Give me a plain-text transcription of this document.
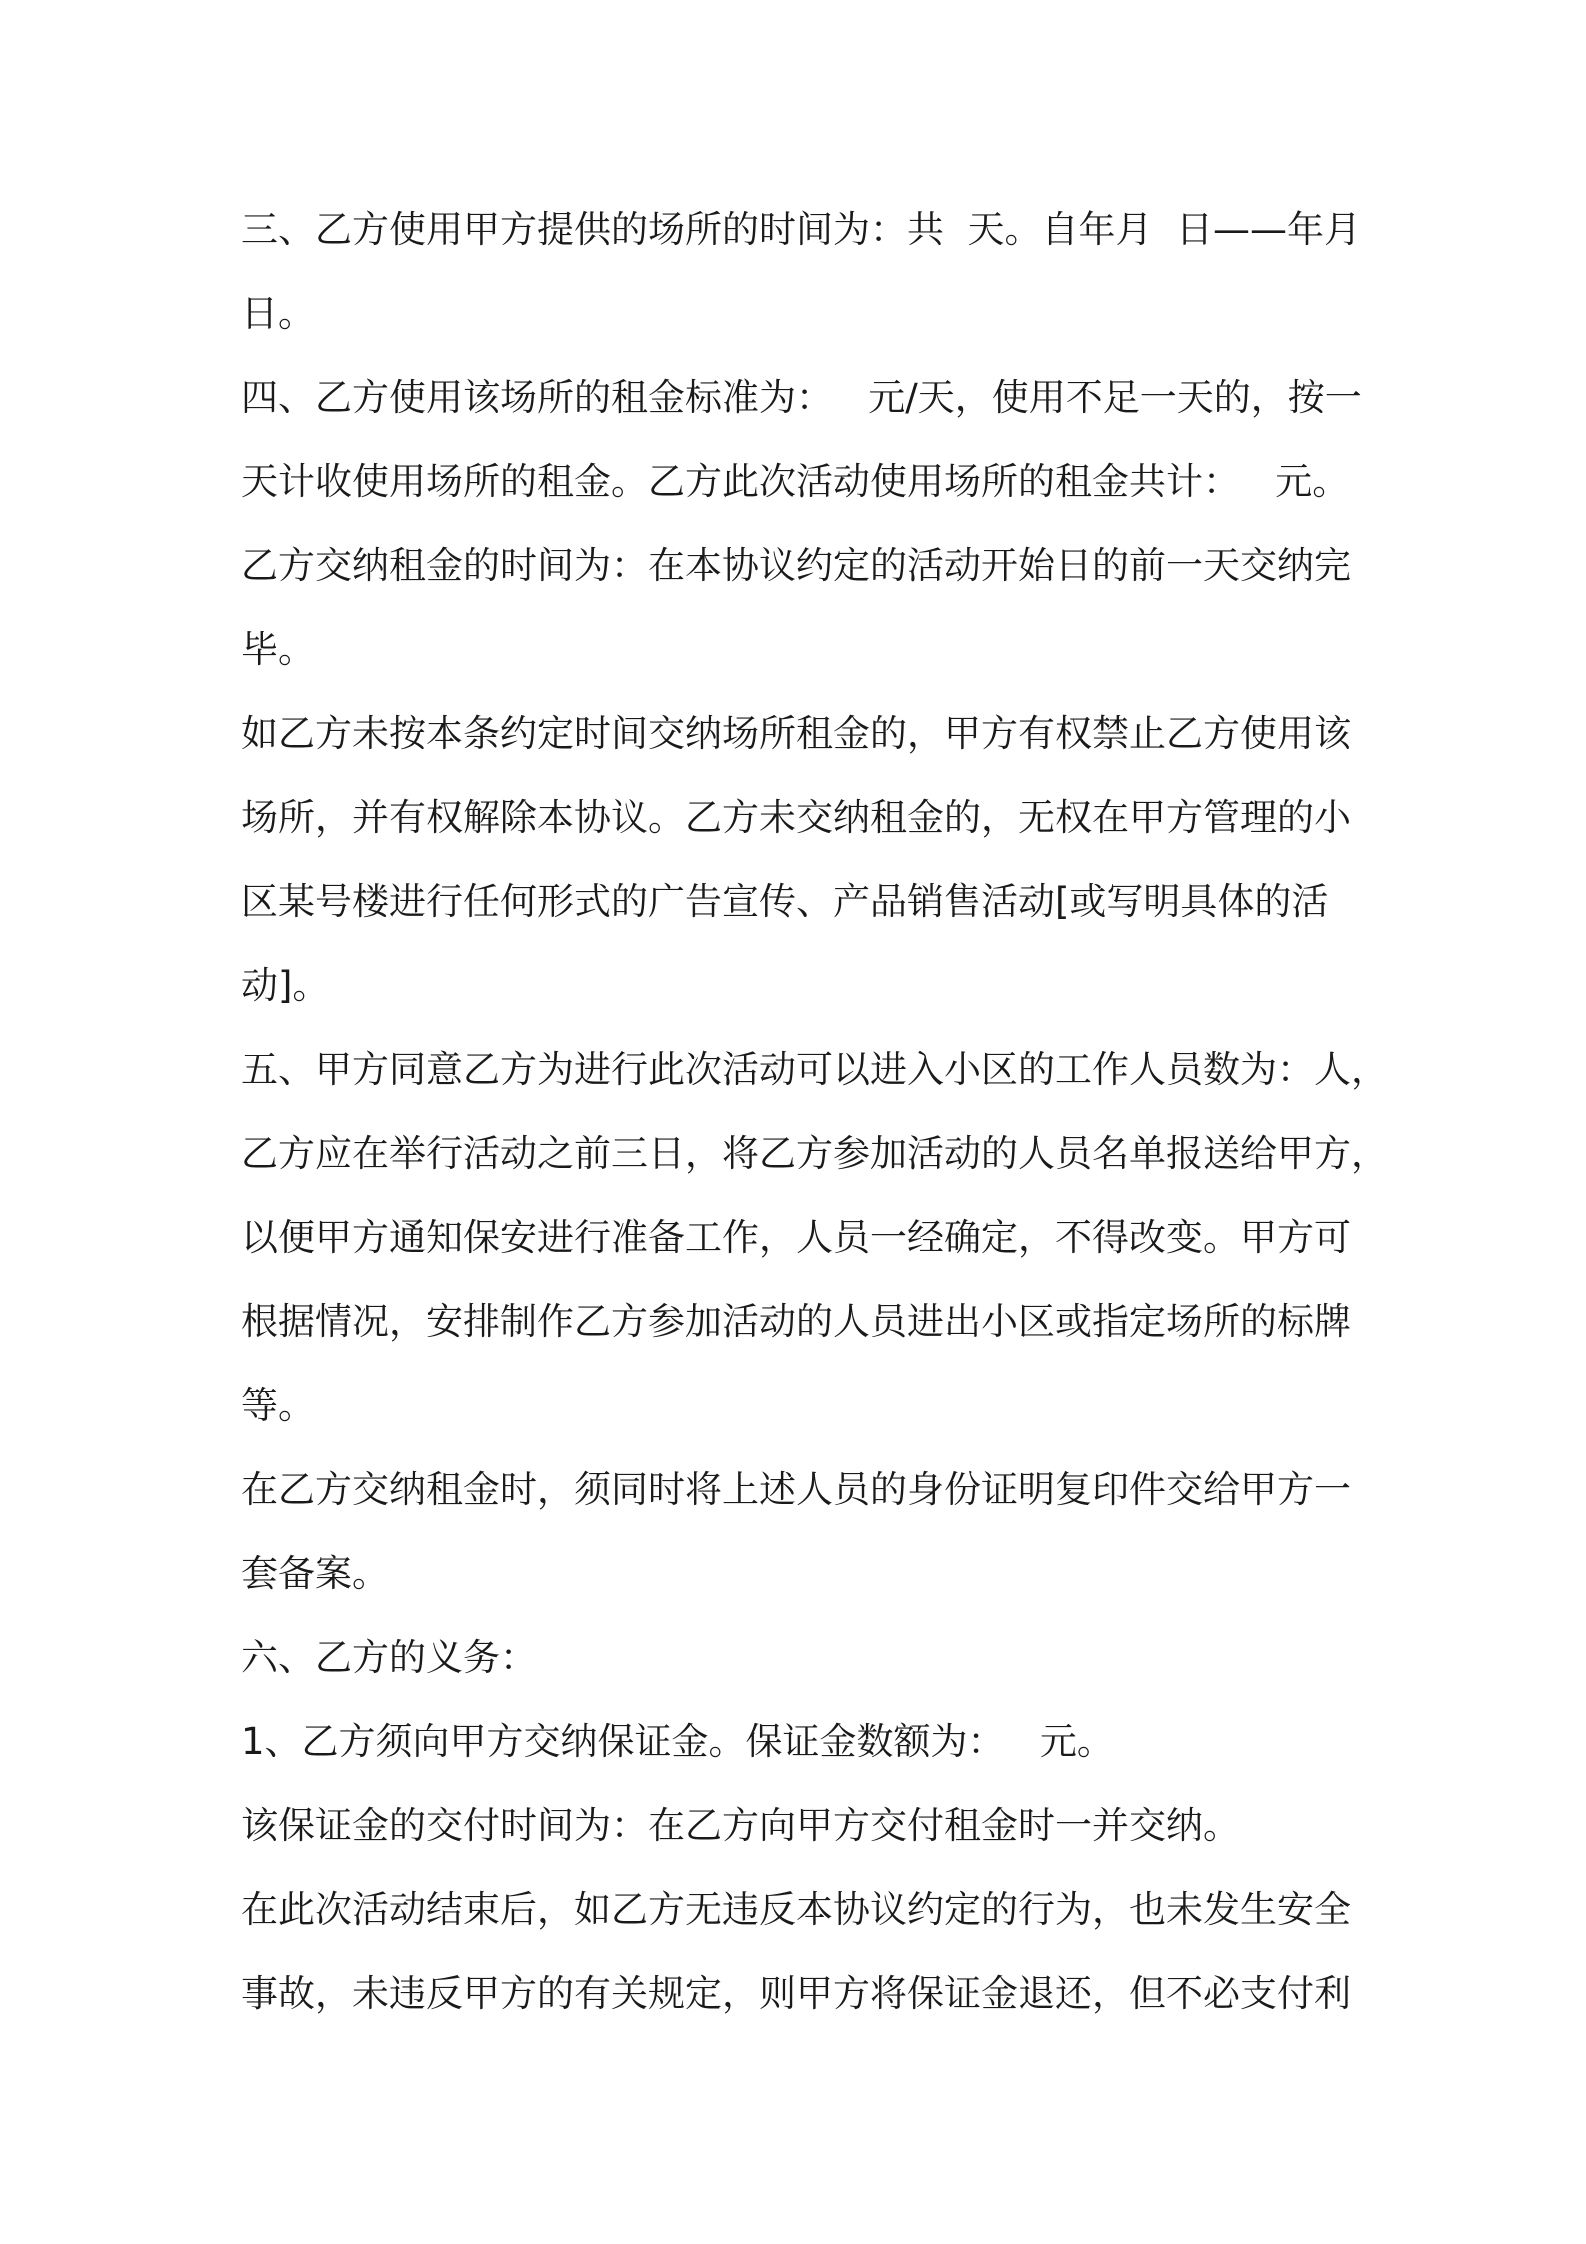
三、乙方使用甲方提供的场所的时间为：共  天。自年月  日——年月
日。
四、乙方使用该场所的租金标准为：   元/天，使用不足一天的，按一
天计收使用场所的租金。乙方此次活动使用场所的租金共计：   元。
乙方交纳租金的时间为：在本协议约定的活动开始日的前一天交纳完
毕。
如乙方未按本条约定时间交纳场所租金的，甲方有权禁止乙方使用该
场所，并有权解除本协议。乙方未交纳租金的，无权在甲方管理的小
区某号楼进行任何形式的广告宣传、产品销售活动[或写明具体的活
动]。
五、甲方同意乙方为进行此次活动可以进入小区的工作人员数为：人，
乙方应在举行活动之前三日，将乙方参加活动的人员名单报送给甲方，
以便甲方通知保安进行准备工作，人员一经确定，不得改变。甲方可
根据情况，安排制作乙方参加活动的人员进出小区或指定场所的标牌
等。
在乙方交纳租金时，须同时将上述人员的身份证明复印件交给甲方一
套备案。
六、乙方的义务：
1、乙方须向甲方交纳保证金。保证金数额为：   元。
该保证金的交付时间为：在乙方向甲方交付租金时一并交纳。
在此次活动结束后，如乙方无违反本协议约定的行为，也未发生安全
事故，未违反甲方的有关规定，则甲方将保证金退还，但不必支付利
